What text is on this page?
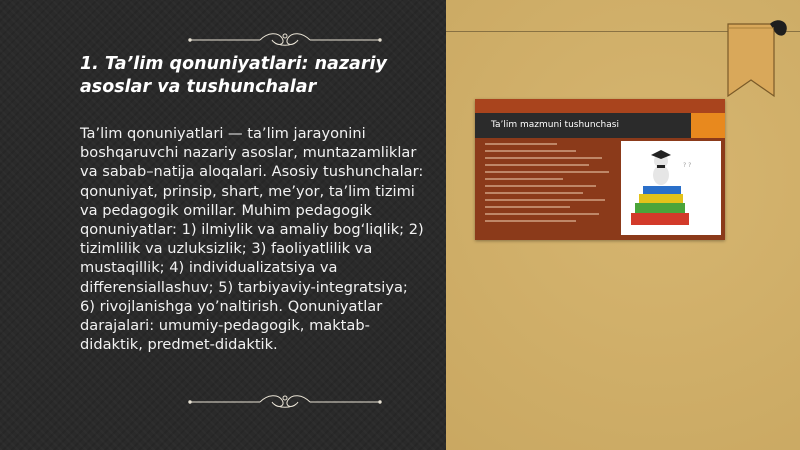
1. Ta’lim qonuniyatlari: nazariy asoslar va tushunchalar

Ta’lim qonuniyatlari — ta’lim jarayonini boshqaruvchi nazariy asoslar, muntazamliklar va sabab–natija aloqalari. Asosiy tushunchalar: qonuniyat, prinsip, shart, me’yor, ta’lim tizimi va pedagogik omillar. Muhim pedagogik qonuniyatlar: 1) ilmiylik va amaliy bog‘liqlik; 2) tizimlilik va uzluksizlik; 3) faoliyatlilik va mustaqillik; 4) individualizatsiya va differensiallashuv; 5) tarbiyaviy-integratsiya; 6) rivojlanishga yo’naltirish. Qonuniyatlar darajalari: umumiy-pedagogik, maktab-didaktik, predmet-didaktik.

Ta’lim mazmuni tushunchasi
? ?
